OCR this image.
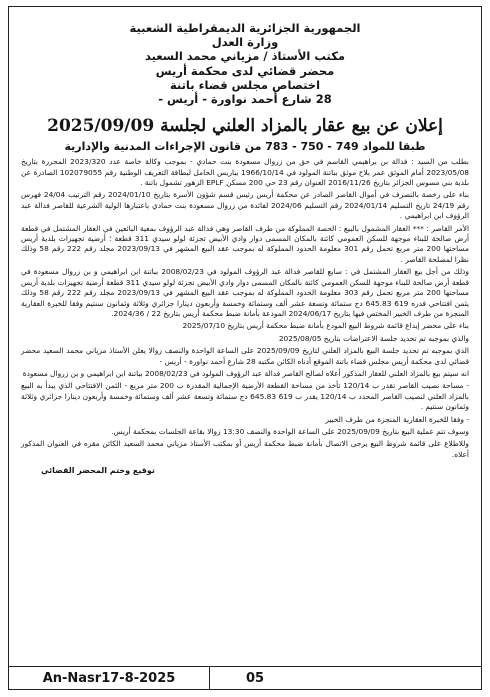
الجمهورية الجزائرية الديمقراطية الشعبية
وزارة العدل
مكتب الأستاذ / مزياني محمد السعيد
محضر قضائي لدى محكمة أريس
اختصاص مجلس قضاء باتنة
28 شارع أحمد نواورة - أريس -
إعلان عن بيع عقار بالمزاد العلني لجلسة 2025/09/09
طبقا للمواد 749 - 750 - 783 من قانون الإجراءات المدنية والإدارية

بطلب من السيد : فدالة بن براهيمي القاسم في حق من زروال مسعودة بنت حمادي - بموجب وكالة خاصة عدد 2023/320 المحررة بتاريخ 2023/05/08 أمام الموثق عمر بلاح موثق بباتنة المولود في 1966/10/14 بباريس الحامل لبطاقة التعريف الوطنية رقم 102079055 الصادرة عن بلدية بني مسوس الجزائر بتاريخ 2016/11/26 العنوان رقم 23 حي 200 مسكن EPLF الزهور تشمول باتنة .

بناء على رخصة بالتصرف في أموال القاصر الصادر عن محكمة أريس رئيس قسم شؤون الأسرة بتاريخ 2024/01/10 رقم الترتيب 24/04 فهرس رقم 24/19 تاريخ التسليم 2024/01/14 رقم التسليم 2024/06 لفائدة من زروال مسعودة بنت حمادي باعتبارها الولية الشرعية للقاصر فدالة عبد الرؤوف ابن ابراهيمي .

الأمر القاصر : *** العقار المشمول بالبيع : الحصة المملوكة من طرف القاصر وهي فدالة عبد الرؤوف بمعية البائعين في العقار المشتمل في قطعة أرض صالحة للبناء موجهة للسكن العمومي كائنة بالمكان المسمى دوار وادي الأبيض تجزئة لولو سيدي 311 قطعة ؛ أرضية تجهيزات بلدية أريس مساحتها 200 متر مربع تحمل رقم 301 معلومة الحدود المملوكة له بموجب عقد البيع المشهر في 2023/09/13 مجلد رقم 222 رقم 58 وذلك نظرا لمصلحة القاصر .

وذلك من أجل بيع العقار المشتمل في : سابع للقاصر فدالة عبد الرؤوف المولود في 2008/02/23 بباتنة ابن ابراهيمي و بن زروال مسعودة في قطعة أرض صالحة للبناء موجهة للسكن العمومي كائنة بالمكان المسمى دوار وادي الأبيض تجزئة لولو سيدي 311 قطعة أرضية تجهيزات بلدية أريس مساحتها 200 متر مربع تحمل رقم 303 معلومة الحدود المملوكة له بموجب عقد البيع المشهر في 2023/09/13 مجلد رقم 222 رقم 58 وذلك يثمن افتتاحي قدره 619 645.83 دج ستمائة وتسعة عشر ألف وستمائة وخمسة وأربعون دينارا جزائري وثلاثة وثمانون سنتيم وفقا للخبرة العقارية المنجزة من طرف الخبير المختص فيها بتاريخ 2024/06/17 المودعة بأمانة ضبط محكمة أريس بتاريخ 22 / 2024/36.

بناء على محضر إيداع قائمة شروط البيع المودع بأمانة ضبط محكمة أريس بتاريخ 2025/07/10

والذي بموجبه تم تحديد جلسة الاعتراضات بتاريخ 2025/08/05

الذي بموجبه تم تحديد جلسة البيع بالمزاد العلني لتاريخ 2025/09/09 على الساعة الواحدة والنصف زوالا يعلن الأستاذ مزياني محمد السعيد محضر قضائي لدى محكمة أريس مجلس قضاء باتنة الموقع أدناه الكائن مكتبه 28 شارع أحمد نواورة - أريس -

انه سيتم بيع بالمزاد العلني للعقار المذكور أعلاه لصالح القاصر فدالة عبد الرؤوف المولود في 2008/02/23 بباتنة ابن ابراهيمي و بن زروال مسعودة

- مساحة نصيب القاصر تقدر ب 120/14 تأخذ من مساحة القطعة الأرضية الإجمالية المقدرة ب 200 متر مربع - الثمن الافتتاحي الذي يبدأ به البيع بالمزاد العلني لنصيب القاصر المحدد ب 120/14 يقدر ب 619 645.83 دج ستمائة وتسعة عشر ألف وستمائة وخمسة وأربعون دينارا جزائري وثلاثة وثمانون سنتيم .

- وفقا للخبرة العقارية المنجزة من طرف الخبير

وسوف تتم عملية البيع بتاريخ 2025/09/09 على الساعة الواحدة والنصف 13:30 زوالا بقاعة الجلسات بمحكمة أريس.

وللاطلاع على قائمة شروط البيع يرجى الاتصال بأمانة ضبط محكمة أريس أو بمكتب الأستاذ مزياني محمد السعيد الكائن مقره في العنوان المذكور أعلاه.

توقيع وختم المحضر القضائي
An-Nasr17-8-2025	05
